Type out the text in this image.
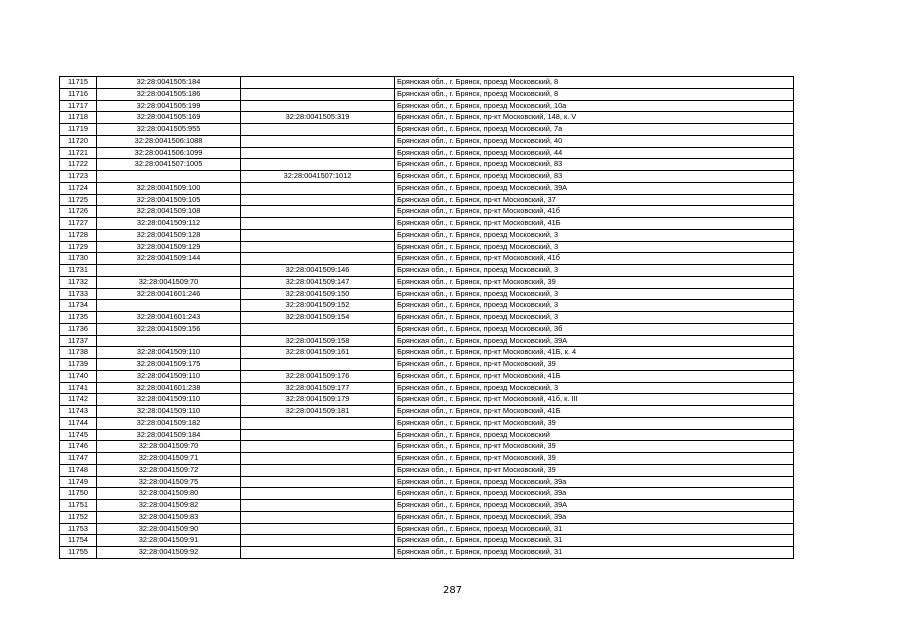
11715	32:28:0041505:184		Брянская обл., г. Брянск, проезд Московский, 8
11716	32:28:0041505:186		Брянская обл., г. Брянск, проезд Московский, 8
11717	32:28:0041505:199		Брянская обл., г. Брянск, проезд Московский, 10а
11718	32:28:0041505:169	32:28:0041505:319	Брянская обл., г. Брянск, пр-кт Московский, 148, к. V
11719	32:28:0041505:955		Брянская обл., г. Брянск, проезд Московский, 7а
11720	32:28:0041506:1088		Брянская обл., г. Брянск, проезд Московский, 40
11721	32:28:0041506:1099		Брянская обл., г. Брянск, проезд Московский, 44
11722	32:28:0041507:1005		Брянская обл., г. Брянск, проезд Московский, 83
11723		32:28:0041507:1012	Брянская обл., г. Брянск, проезд Московский, 83
11724	32:28:0041509:100		Брянская обл., г. Брянск, проезд Московский, 39А
11725	32:28:0041509:105		Брянская обл., г. Брянск, пр-кт Московский, 37
11726	32:28:0041509:108		Брянская обл., г. Брянск, пр-кт Московский, 41б
11727	32:28:0041509:112		Брянская обл., г. Брянск, пр-кт Московский, 41Б
11728	32:28:0041509:128		Брянская обл., г. Брянск, проезд Московский, 3
11729	32:28:0041509:129		Брянская обл., г. Брянск, проезд Московский, 3
11730	32:28:0041509:144		Брянская обл., г. Брянск, пр-кт Московский, 41б
11731		32:28:0041509:146	Брянская обл., г. Брянск, проезд Московский, 3
11732	32:28:0041509:70	32:28:0041509:147	Брянская обл., г. Брянск, пр-кт Московский, 39
11733	32:28:0041601:246	32:28:0041509:150	Брянская обл., г. Брянск, проезд Московский, 3
11734		32:28:0041509:152	Брянская обл., г. Брянск, проезд Московский, 3
11735	32:28:0041601:243	32:28:0041509:154	Брянская обл., г. Брянск, проезд Московский, 3
11736	32:28:0041509:156		Брянская обл., г. Брянск, проезд Московский, 3б
11737		32:28:0041509:158	Брянская обл., г. Брянск, проезд Московский, 39А
11738	32:28:0041509:110	32:28:0041509:161	Брянская обл., г. Брянск, пр-кт Московский, 41Б, к. 4
11739	32:28:0041509:175		Брянская обл., г. Брянск, пр-кт Московский, 39
11740	32:28:0041509:110	32:28:0041509:176	Брянская обл., г. Брянск, пр-кт Московский, 41Б
11741	32:28:0041601:238	32:28:0041509:177	Брянская обл., г. Брянск, проезд Московский, 3
11742	32:28:0041509:110	32:28:0041509:179	Брянская обл., г. Брянск, пр-кт Московский, 41б, к. III
11743	32:28:0041509:110	32:28:0041509:181	Брянская обл., г. Брянск, пр-кт Московский, 41Б
11744	32:28:0041509:182		Брянская обл., г. Брянск, пр-кт Московский, 39
11745	32:28:0041509:184		Брянская обл., г. Брянск, проезд Московский
11746	32:28:0041509:70		Брянская обл., г. Брянск, пр-кт Московский, 39
11747	32:28:0041509:71		Брянская обл., г. Брянск, пр-кт Московский, 39
11748	32:28:0041509:72		Брянская обл., г. Брянск, пр-кт Московский, 39
11749	32:28:0041509:75		Брянская обл., г. Брянск, проезд Московский, 39а
11750	32:28:0041509:80		Брянская обл., г. Брянск, проезд Московский, 39а
11751	32:28:0041509:82		Брянская обл., г. Брянск, проезд Московский, 39А
11752	32:28:0041509:83		Брянская обл., г. Брянск, проезд Московский, 39а
11753	32:28:0041509:90		Брянская обл., г. Брянск, проезд Московский, 31
11754	32:28:0041509:91		Брянская обл., г. Брянск, проезд Московский, 31
11755	32:28:0041509:92		Брянская обл., г. Брянск, проезд Московский, 31
287
